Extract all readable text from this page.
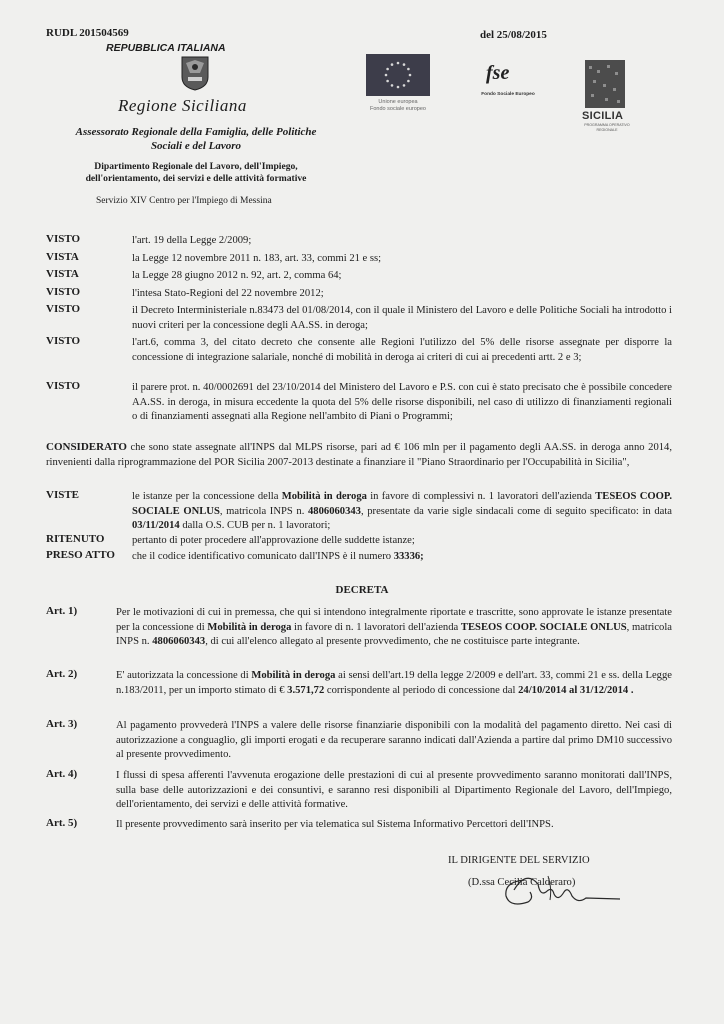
RUDL 201504569	del 25/08/2015
REPUBBLICA ITALIANA
Regione Siciliana
Assessorato Regionale della Famiglia, delle Politiche
Sociali e del Lavoro
Dipartimento Regionale del Lavoro, dell'Impiego,
dell'orientamento, dei servizi e delle attività formative
Servizio XIV Centro per l'Impiego di Messina
Unione europea
Fondo sociale europeo
fse
Fondo Sociale Europeo
SICILIA
PROGRAMMA OPERATIVO REGIONALE
VISTO	l'art. 19 della Legge 2/2009;
VISTA	la Legge 12 novembre 2011 n. 183, art. 33, commi 21 e ss;
VISTA	la Legge 28 giugno 2012 n. 92, art. 2, comma 64;
VISTO	l'intesa Stato-Regioni del 22 novembre 2012;
VISTO	il Decreto Interministeriale n.83473 del 01/08/2014, con il quale il Ministero del Lavoro e delle Politiche Sociali ha introdotto i nuovi criteri per la concessione degli AA.SS. in deroga;
VISTO	l'art.6, comma 3, del citato decreto che consente alle Regioni l'utilizzo del 5% delle risorse assegnate per disporre la concessione di integrazione salariale, nonché di mobilità in deroga ai criteri di cui ai precedenti artt. 2 e 3;
VISTO	il parere prot. n. 40/0002691 del 23/10/2014 del Ministero del Lavoro e P.S. con cui è stato precisato che è possibile concedere AA.SS. in deroga, in misura eccedente la quota del 5% delle risorse disponibili, nel caso di utilizzo di finanziamenti regionali o di finanziamenti assegnati alla Regione nell'ambito di Piani o Programmi;
CONSIDERATO che sono state assegnate all'INPS dal MLPS risorse, pari ad € 106 mln per il pagamento degli AA.SS. in deroga anno 2014, rinvenienti dalla riprogrammazione del POR Sicilia 2007-2013 destinate a finanziare il "Piano Straordinario per l'Occupabilità in Sicilia",
VISTE	le istanze per la concessione della Mobilità in deroga in favore di complessivi n. 1 lavoratori dell'azienda TESEOS COOP. SOCIALE ONLUS, matricola INPS n. 4806060343, presentate da varie sigle sindacali come di seguito specificato: in data 03/11/2014 dalla O.S. CUB per n. 1 lavoratori;
RITENUTO	pertanto di poter procedere all'approvazione delle suddette istanze;
PRESO ATTO che il codice identificativo comunicato dall'INPS è il numero 33336;
DECRETA
Art. 1)	Per le motivazioni di cui in premessa, che qui si intendono integralmente riportate e trascritte, sono approvate le istanze presentate per la concessione di Mobilità in deroga in favore di n. 1 lavoratori dell'azienda TESEOS COOP. SOCIALE ONLUS, matricola INPS n. 4806060343, di cui all'elenco allegato al presente provvedimento, che ne costituisce parte integrante.
Art. 2)	E' autorizzata la concessione di Mobilità in deroga ai sensi dell'art.19 della legge 2/2009 e dell'art. 33, commi 21 e ss. della Legge n.183/2011, per un importo stimato di € 3.571,72 corrispondente al periodo di concessione dal 24/10/2014 al 31/12/2014 .
Art. 3)	Al pagamento provvederà l'INPS a valere delle risorse finanziarie disponibili con la modalità del pagamento diretto. Nei casi di autorizzazione a conguaglio, gli importi erogati e da recuperare saranno indicati dall'Azienda a partire dal primo DM10 successivo al presente provvedimento.
Art. 4)	I flussi di spesa afferenti l'avvenuta erogazione delle prestazioni di cui al presente provvedimento saranno monitorati dall'INPS, sulla base delle autorizzazioni e dei consuntivi, e saranno resi disponibili al Dipartimento Regionale del Lavoro, dell'Impiego, dell'orientamento, dei servizi e delle attività formative.
Art. 5)	Il presente provvedimento sarà inserito per via telematica sul Sistema Informativo Percettori dell'INPS.
IL DIRIGENTE DEL SERVIZIO
(D.ssa Cecilia Calderaro)
